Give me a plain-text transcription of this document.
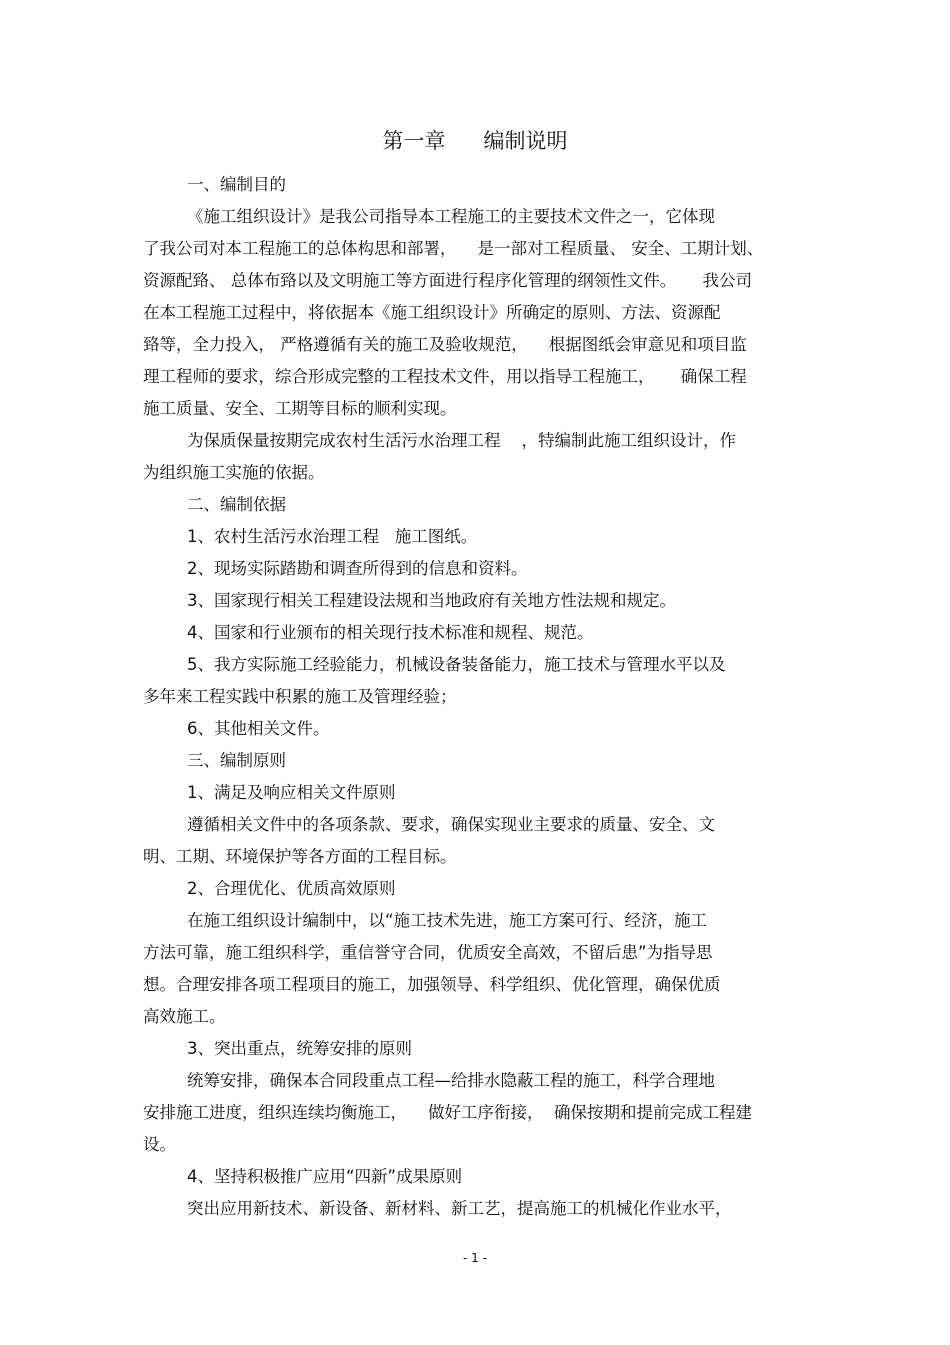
第一章 编制说明
一、编制目的
《施工组织设计》是我公司指导本工程施工的主要技术文件之一，它体现
了我公司对本工程施工的总体构思和部署，    是一部对工程质量、 安全、工期计划、
资源配臵、 总体布臵以及文明施工等方面进行程序化管理的纲领性文件。     我公司
在本工程施工过程中，将依据本《施工组织设计》所确定的原则、方法、资源配
臵等，全力投入， 严格遵循有关的施工及验收规范，    根据图纸会审意见和项目监
理工程师的要求，综合形成完整的工程技术文件，用以指导工程施工，     确保工程
施工质量、安全、工期等目标的顺利实现。
为保质保量按期完成农村生活污水治理工程    ，特编制此施工组织设计，作
为组织施工实施的依据。
二、编制依据
1、农村生活污水治理工程   施工图纸。
2、现场实际踏勘和调查所得到的信息和资料。
3、国家现行相关工程建设法规和当地政府有关地方性法规和规定。
4、国家和行业颁布的相关现行技术标准和规程、规范。
5、我方实际施工经验能力，机械设备装备能力，施工技术与管理水平以及
多年来工程实践中积累的施工及管理经验；
6、其他相关文件。
三、编制原则
1、满足及响应相关文件原则
遵循相关文件中的各项条款、要求，确保实现业主要求的质量、安全、文
明、工期、环境保护等各方面的工程目标。
2、合理优化、优质高效原则
在施工组织设计编制中，以“施工技术先进，施工方案可行、经济，施工
方法可靠，施工组织科学，重信誉守合同，优质安全高效，不留后患”为指导思
想。合理安排各项工程项目的施工，加强领导、科学组织、优化管理，确保优质
高效施工。
3、突出重点，统筹安排的原则
统筹安排，确保本合同段重点工程—给排水隐蔽工程的施工，科学合理地
安排施工进度，组织连续均衡施工，    做好工序衔接，  确保按期和提前完成工程建
设。
4、坚持积极推广应用“四新”成果原则
突出应用新技术、新设备、新材料、新工艺，提高施工的机械化作业水平，
- 1 -
